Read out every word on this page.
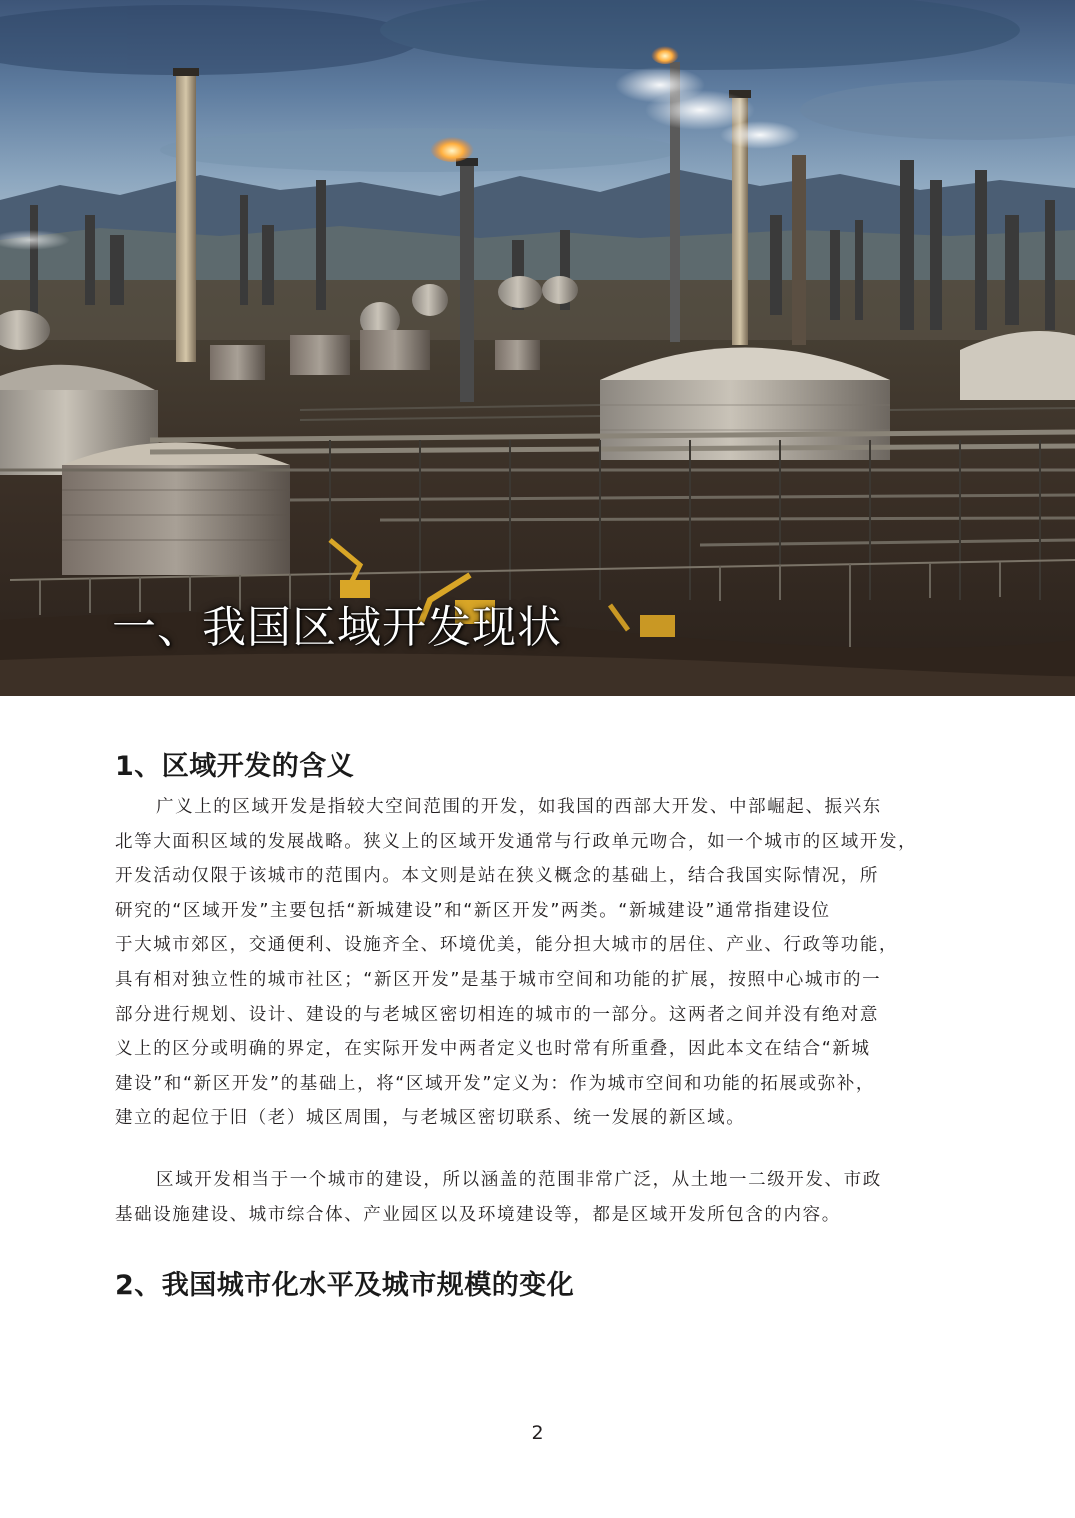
一、我国区域开发现状
1、区域开发的含义
广义上的区域开发是指较大空间范围的开发，如我国的西部大开发、中部崛起、振兴东
北等大面积区域的发展战略。狭义上的区域开发通常与行政单元吻合，如一个城市的区域开发，
开发活动仅限于该城市的范围内。本文则是站在狭义概念的基础上，结合我国实际情况，所
研究的“区域开发”主要包括“新城建设”和“新区开发”两类。“新城建设”通常指建设位
于大城市郊区，交通便利、设施齐全、环境优美，能分担大城市的居住、产业、行政等功能，
具有相对独立性的城市社区；“新区开发”是基于城市空间和功能的扩展，按照中心城市的一
部分进行规划、设计、建设的与老城区密切相连的城市的一部分。这两者之间并没有绝对意
义上的区分或明确的界定，在实际开发中两者定义也时常有所重叠，因此本文在结合“新城
建设”和“新区开发”的基础上，将“区域开发”定义为：作为城市空间和功能的拓展或弥补，
建立的起位于旧（老）城区周围，与老城区密切联系、统一发展的新区域。
区域开发相当于一个城市的建设，所以涵盖的范围非常广泛，从土地一二级开发、市政
基础设施建设、城市综合体、产业园区以及环境建设等，都是区域开发所包含的内容。
2、我国城市化水平及城市规模的变化
2
